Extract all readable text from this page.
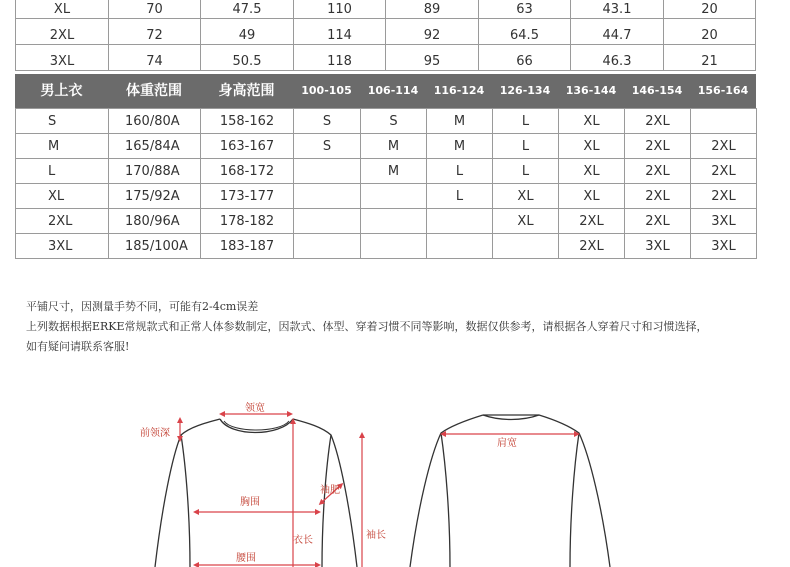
XL	70	47.5	110	89	63	43.1	20
2XL	72	49	114	92	64.5	44.7	20
3XL	74	50.5	118	95	66	46.3	21
男上衣	体重范围	身高范围	100-105	106-114	116-124	126-134	136-144	146-154	156-164
S	160/80A	158-162	S	S	M	L	XL	2XL	
M	165/84A	163-167	S	M	M	L	XL	2XL	2XL
L	170/88A	168-172		M	L	L	XL	2XL	2XL
XL	175/92A	173-177			L	XL	XL	2XL	2XL
2XL	180/96A	178-182				XL	2XL	2XL	3XL
3XL	185/100A	183-187					2XL	3XL	3XL
平铺尺寸，因测量手势不同，可能有2-4cm误差
上列数据根据ERKE常规款式和正常人体参数制定，因款式、体型、穿着习惯不同等影响，数据仅供参考，请根据各人穿着尺寸和习惯选择，
如有疑问请联系客服!
领宽
前领深
胸围
袖肥
衣长	袖长
腰围
肩宽
